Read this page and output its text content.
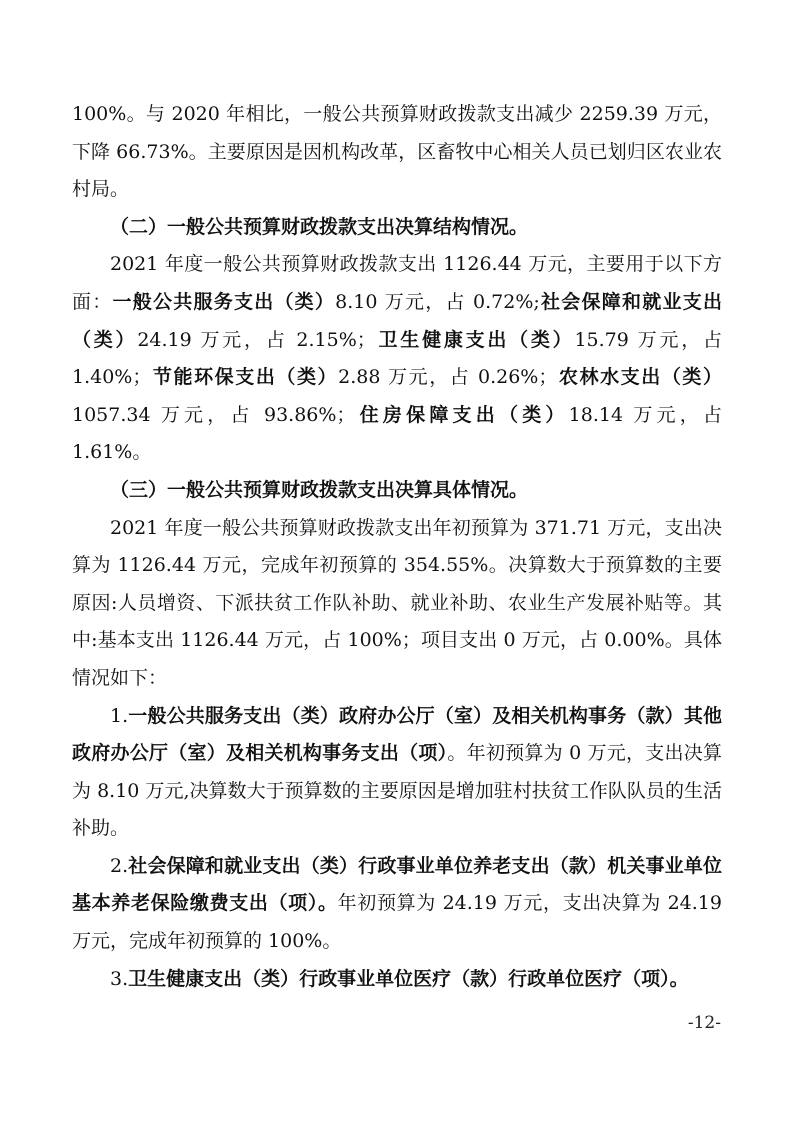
100%。与 2020 年相比，一般公共预算财政拨款支出减少 2259.39 万元，下降 66.73%。主要原因是因机构改革，区畜牧中心相关人员已划归区农业农村局。

（二）一般公共预算财政拨款支出决算结构情况。

2021 年度一般公共预算财政拨款支出 1126.44 万元，主要用于以下方面：一般公共服务支出（类）8.10 万元，占 0.72%;社会保障和就业支出（类）24.19 万元，占 2.15%；卫生健康支出（类）15.79 万元，占 1.40%；节能环保支出（类）2.88 万元，占 0.26%；农林水支出（类）1057.34 万元，占 93.86%；住房保障支出（类）18.14 万元，占 1.61%。

（三）一般公共预算财政拨款支出决算具体情况。

2021 年度一般公共预算财政拨款支出年初预算为 371.71 万元，支出决算为 1126.44 万元，完成年初预算的 354.55%。决算数大于预算数的主要原因:人员增资、下派扶贫工作队补助、就业补助、农业生产发展补贴等。其中:基本支出 1126.44 万元，占 100%；项目支出 0 万元，占 0.00%。具体情况如下：

1.一般公共服务支出（类）政府办公厅（室）及相关机构事务（款）其他政府办公厅（室）及相关机构事务支出（项）。年初预算为 0 万元，支出决算为 8.10 万元,决算数大于预算数的主要原因是增加驻村扶贫工作队队员的生活补助。

2.社会保障和就业支出（类）行政事业单位养老支出（款）机关事业单位基本养老保险缴费支出（项）。年初预算为 24.19 万元，支出决算为 24.19 万元，完成年初预算的 100%。

3.卫生健康支出（类）行政事业单位医疗（款）行政单位医疗（项）。

-12-
